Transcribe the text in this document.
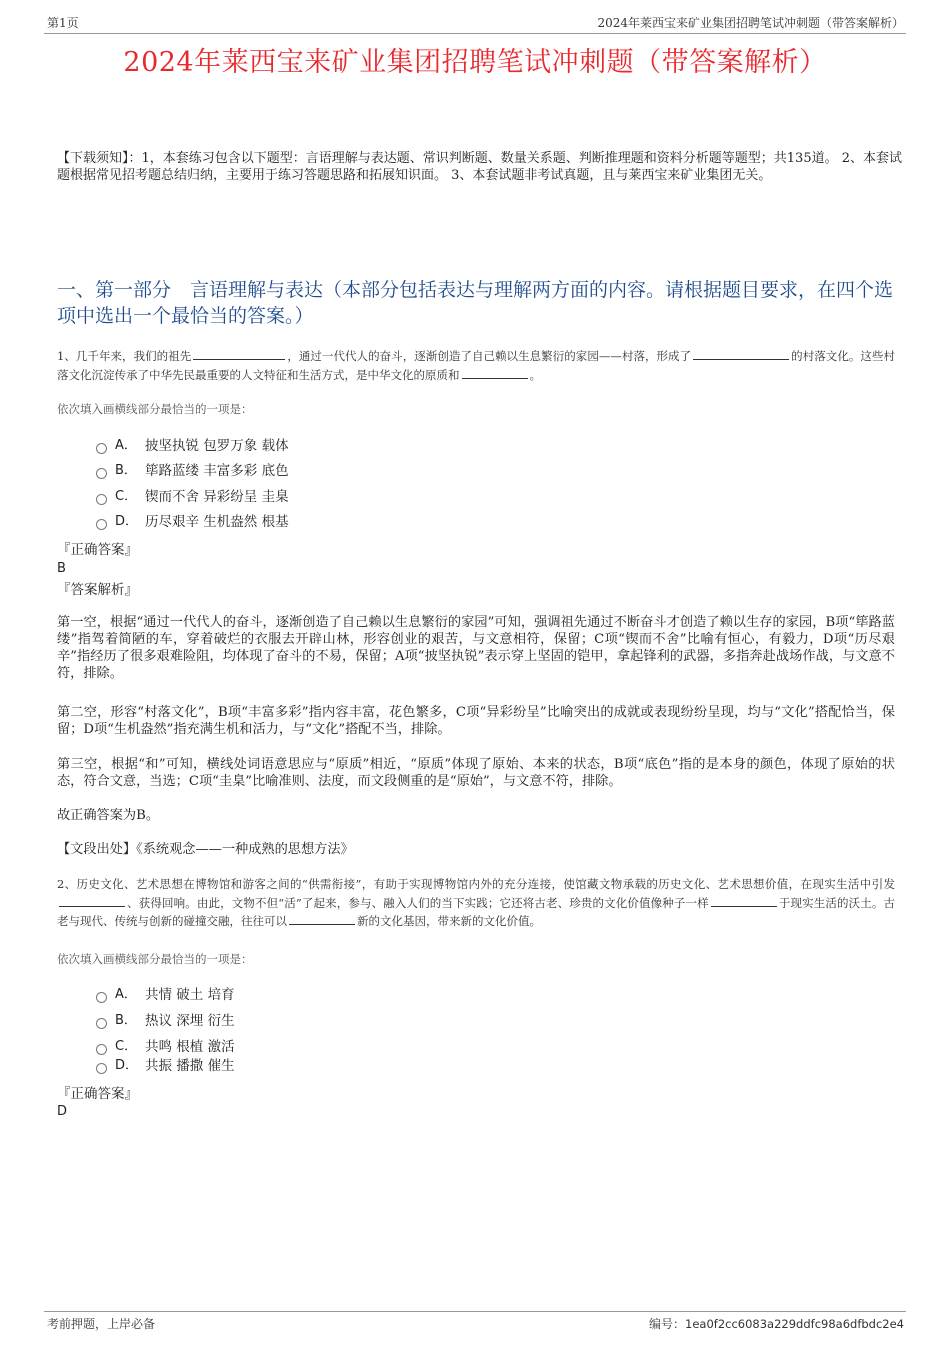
第1页	2024年莱西宝来矿业集团招聘笔试冲刺题（带答案解析）
2024年莱西宝来矿业集团招聘笔试冲刺题（带答案解析）
【下载须知】：1，本套练习包含以下题型：言语理解与表达题、常识判断题、数量关系题、判断推理题和资料分析题等题型；共135道。 2、本套试题根据常见招考题总结归纳，主要用于练习答题思路和拓展知识面。 3、本套试题非考试真题，且与莱西宝来矿业集团无关。
一、第一部分　言语理解与表达（本部分包括表达与理解两方面的内容。请根据题目要求，在四个选项中选出一个最恰当的答案。）
1、几千年来，我们的祖先	，通过一代代人的奋斗，逐渐创造了自己赖以生息繁衍的家园——村落，形成了	的村落文化。这些村落文化沉淀传承了中华先民最重要的人文特征和生活方式，是中华文化的原质和	。
依次填入画横线部分最恰当的一项是：
A． 披坚执锐 包罗万象 载体
B． 筚路蓝缕 丰富多彩 底色
C． 锲而不舍 异彩纷呈 圭臬
D． 历尽艰辛 生机盎然 根基
『正确答案』
B
『答案解析』
第一空，根据“通过一代代人的奋斗，逐渐创造了自己赖以生息繁衍的家园”可知，强调祖先通过不断奋斗才创造了赖以生存的家园，B项“筚路蓝缕”指驾着简陋的车，穿着破烂的衣服去开辟山林，形容创业的艰苦，与文意相符，保留；C项“锲而不舍”比喻有恒心，有毅力，D项“历尽艰辛”指经历了很多艰难险阻，均体现了奋斗的不易，保留；A项“披坚执锐”表示穿上坚固的铠甲，拿起锋利的武器，多指奔赴战场作战，与文意不符，排除。
第二空，形容“村落文化”，B项“丰富多彩”指内容丰富，花色繁多，C项“异彩纷呈”比喻突出的成就或表现纷纷呈现，均与“文化”搭配恰当，保留；D项“生机盎然”指充满生机和活力，与“文化”搭配不当，排除。
第三空，根据“和”可知，横线处词语意思应与“原质”相近，“原质”体现了原始、本来的状态，B项“底色”指的是本身的颜色，体现了原始的状态，符合文意，当选；C项“圭臬”比喻准则、法度，而文段侧重的是“原始”，与文意不符，排除。
故正确答案为B。
【文段出处】《系统观念——一种成熟的思想方法》
2、历史文化、艺术思想在博物馆和游客之间的“供需衔接”，有助于实现博物馆内外的充分连接，使馆藏文物承载的历史文化、艺术思想价值，在现实生活中引发、获得回响。由此，文物不但“活”了起来，参与、融入人们的当下实践；它还将古老、珍贵的文化价值像种子一样	于现实生活的沃土。古老与现代、传统与创新的碰撞交融，往往可以	新的文化基因，带来新的文化价值。
依次填入画横线部分最恰当的一项是：
A． 共情 破土 培育
B． 热议 深埋 衍生
C． 共鸣 根植 激活
D． 共振 播撒 催生
『正确答案』
D
考前押题，上岸必备	编号：1ea0f2cc6083a229ddfc98a6dfbdc2e4
